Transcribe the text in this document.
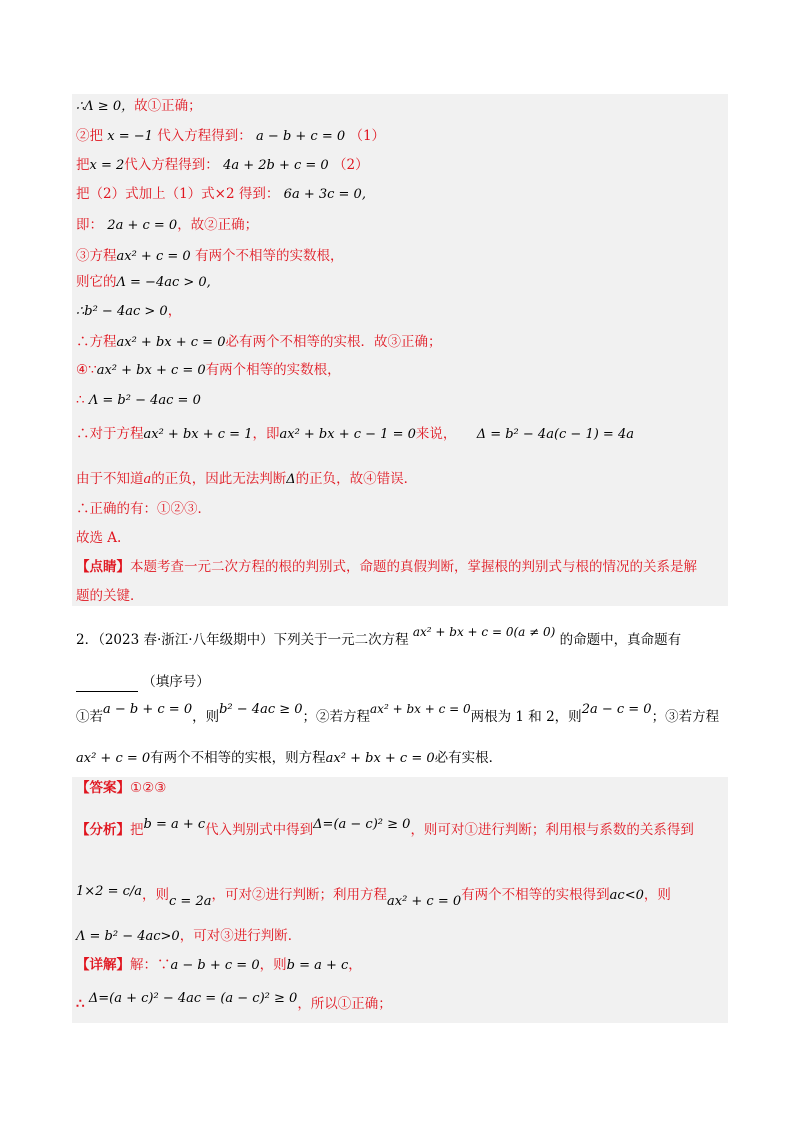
∴Λ ≥ 0，故①正确；
②把 x = −1 代入方程得到： a − b + c = 0 （1）
把x = 2代入方程得到： 4a + 2b + c = 0 （2）
把（2）式加上（1）式×2 得到： 6a + 3c = 0,
即： 2a + c = 0，故②正确；
③方程ax² + c = 0 有两个不相等的实数根，
则它的Λ = −4ac > 0,
∴b² − 4ac > 0，
∴方程ax² + bx + c = 0必有两个不相等的实根．故③正确；
④∵ax² + bx + c = 0有两个相等的实数根，
∴ Λ = b² − 4ac = 0
∴对于方程ax² + bx + c = 1，即ax² + bx + c − 1 = 0来说， Δ = b² − 4a(c − 1) = 4a
由于不知道a的正负，因此无法判断Δ的正负，故④错误．
∴正确的有：①②③．
故选 A.
【点睛】本题考查一元二次方程的根的判别式，命题的真假判断，掌握根的判别式与根的情况的关系是解
题的关键．
2．（2023 春·浙江·八年级期中）下列关于一元二次方程 ax² + bx + c = 0(a ≠ 0) 的命题中，真命题有
（填序号）
①若a − b + c = 0，则b² − 4ac ≥ 0；②若方程ax² + bx + c = 0两根为 1 和 2，则2a − c = 0；③若方程
ax² + c = 0有两个不相等的实根，则方程ax² + bx + c = 0必有实根．
【答案】①②③
【分析】把b = a + c代入判别式中得到Δ=(a − c)² ≥ 0，则可对①进行判断；利用根与系数的关系得到
1×2 = c/a，则c = 2a，可对②进行判断；利用方程ax² + c = 0有两个不相等的实根得到ac<0，则
Λ = b² − 4ac>0，可对③进行判断．
【详解】解：∵a − b + c = 0，则b = a + c，
∴ Δ=(a + c)² − 4ac = (a − c)² ≥ 0，所以①正确；
